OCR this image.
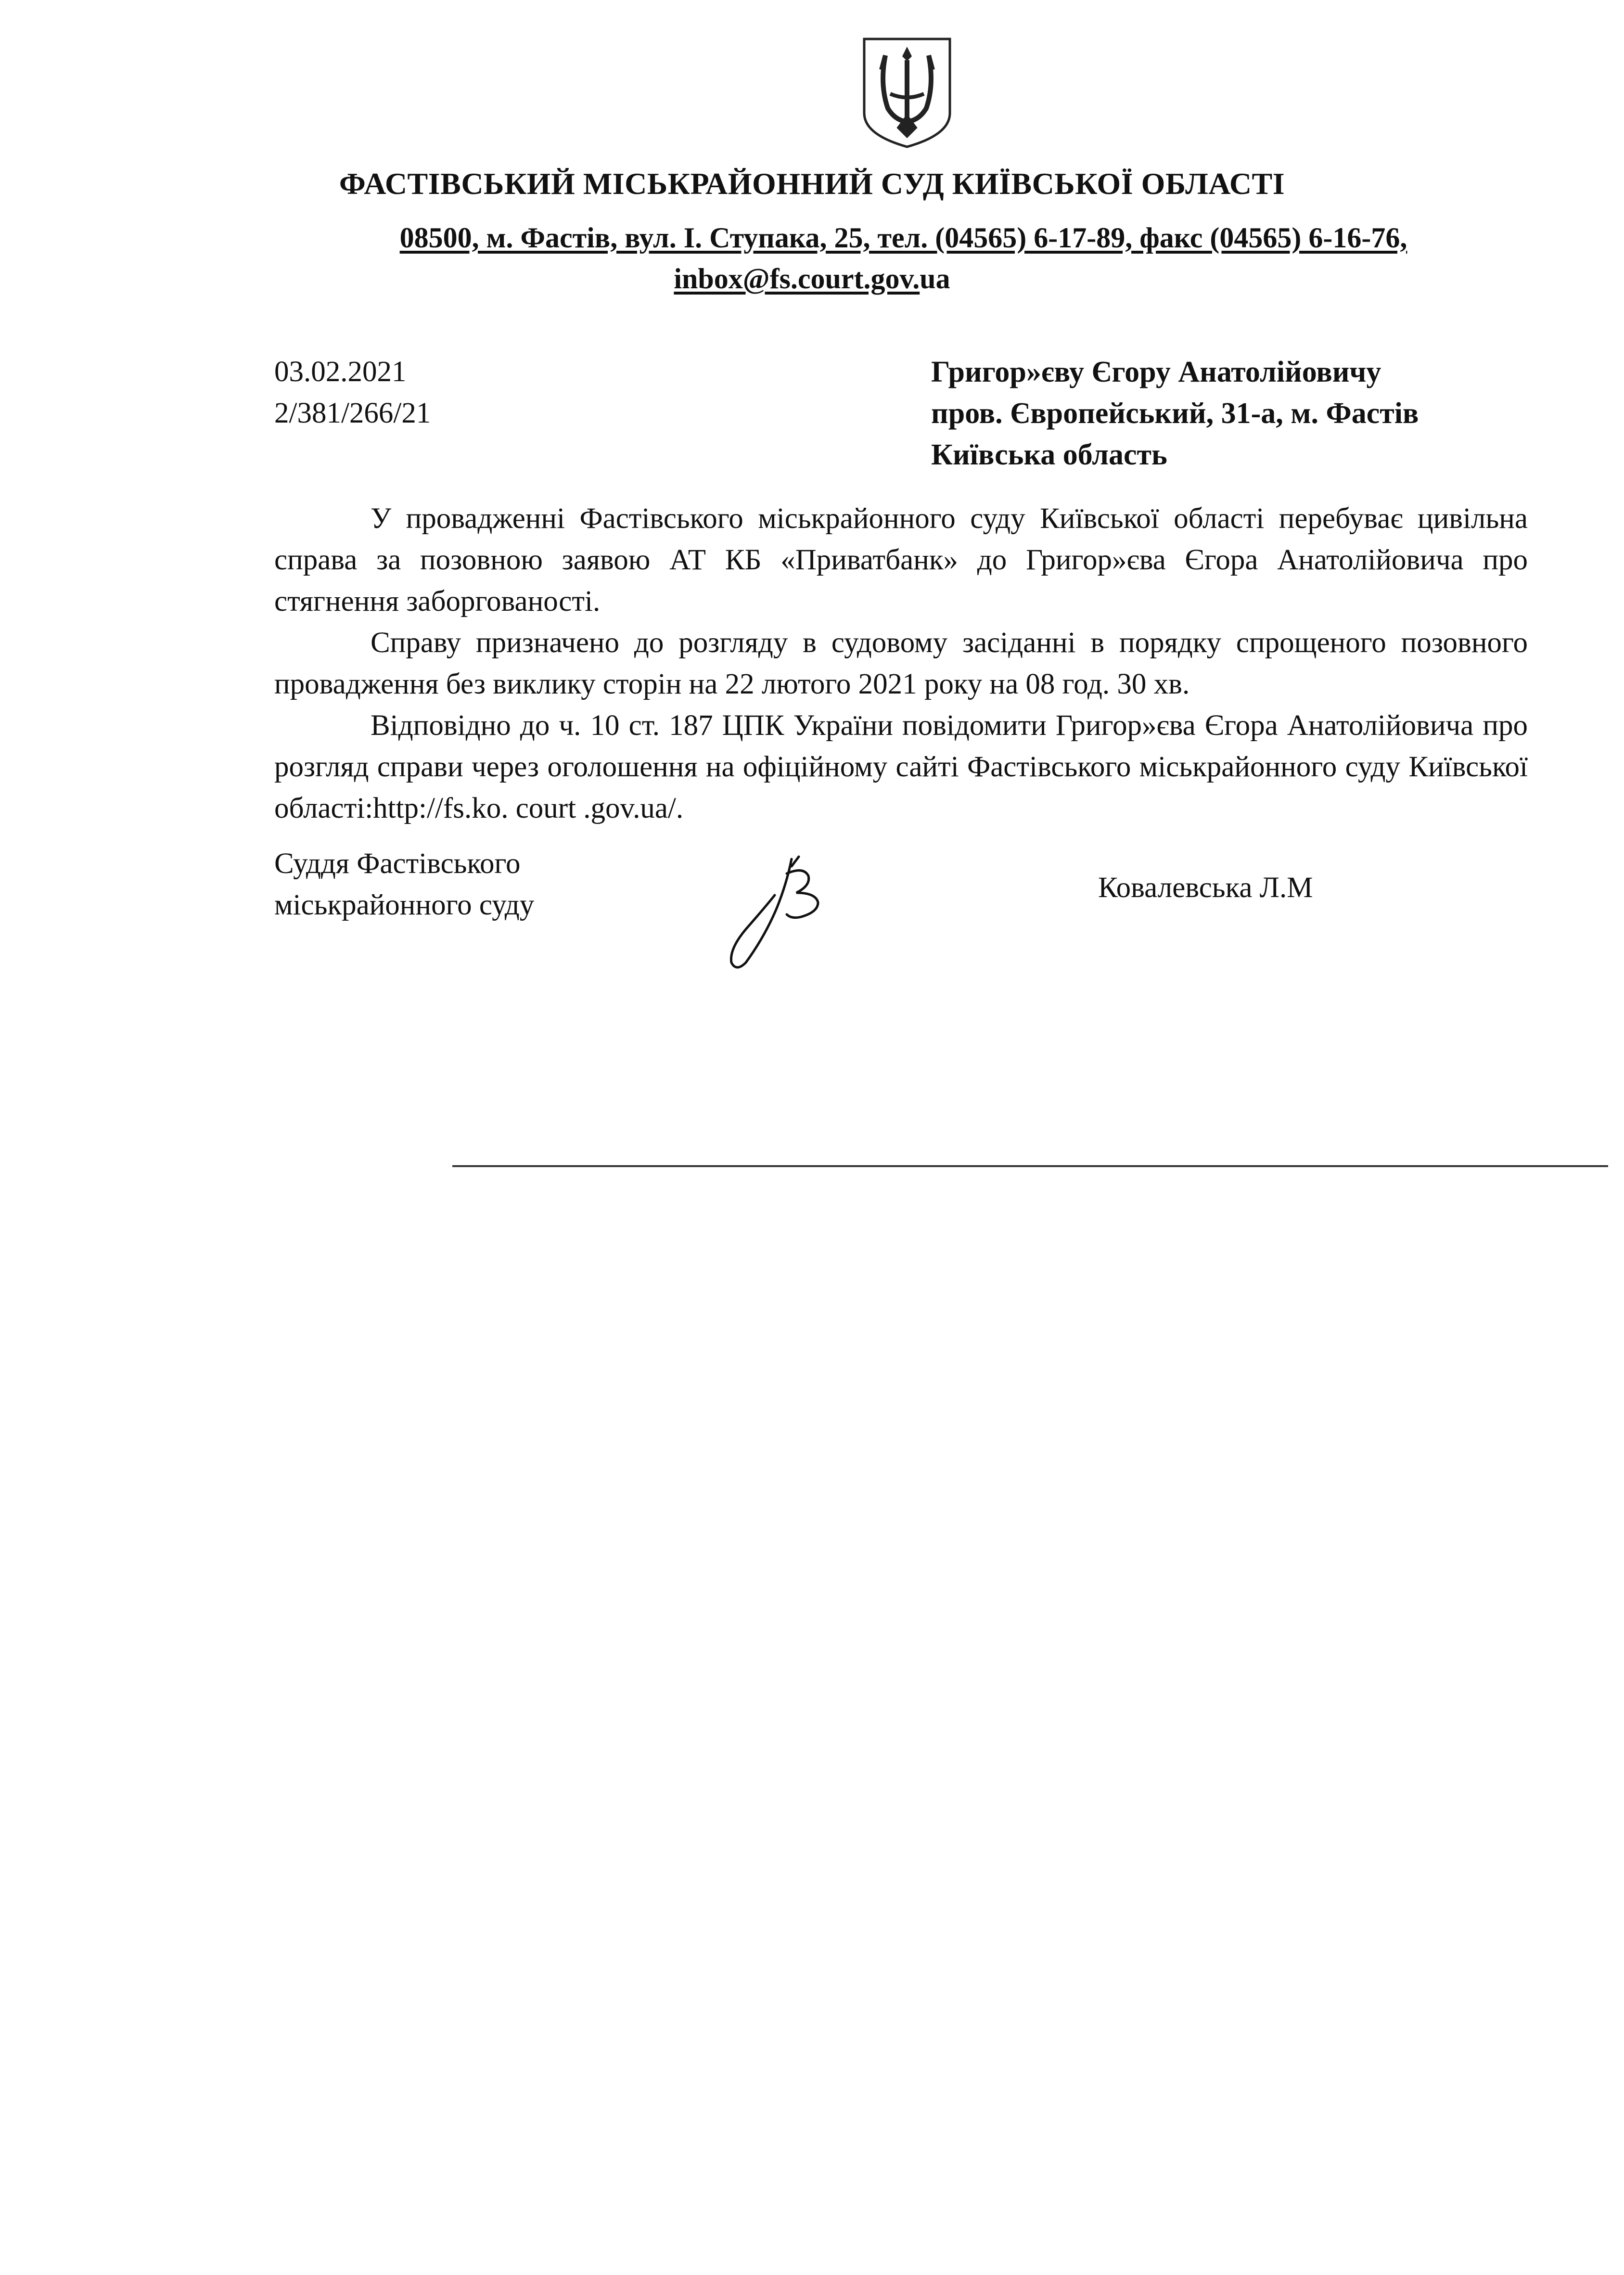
ФАСТІВСЬКИЙ МІСЬКРАЙОННИЙ СУД КИЇВСЬКОЇ ОБЛАСТІ
08500, м. Фастів, вул. І. Ступака, 25, тел. (04565) 6-17-89, факс (04565) 6-16-76,
inbox@fs.court.gov.ua
03.02.2021
2/381/266/21
Григор»єву Єгору Анатолійовичу
пров. Європейський, 31-а, м. Фастів
Київська область

У провадженні Фастівського міськрайонного суду Київської області перебуває цивільна справа за позовною заявою АТ КБ «Приватбанк» до Григор»єва Єгора Анатолійовича про стягнення заборгованості.

Справу призначено до розгляду в судовому засіданні в порядку спрощеного позовного провадження без виклику сторін на 22 лютого 2021 року на 08 год. 30 хв.

Відповідно до ч. 10 ст. 187 ЦПК України повідомити Григор»єва Єгора Анатолійовича про розгляд справи через оголошення на офіційному сайті Фастівського міськрайонного суду Київської області:http://fs.ko. court .gov.ua/.

Суддя Фастівського
міськрайонного суду
Ковалевська Л.М
